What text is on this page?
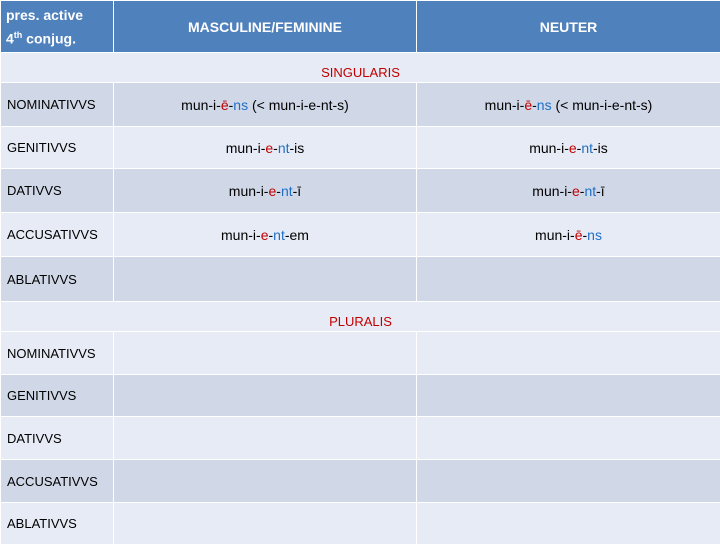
pres. active
4th conjug.	MASCULINE/FEMININE	NEUTER
SINGULARIS		
NOMINATIVVS	mun-i-ē-ns (< mun-i-e-nt-s)	mun-i-ē-ns (< mun-i-e-nt-s)
GENITIVVS	mun-i-e-nt-is	mun-i-e-nt-is
DATIVVS	mun-i-e-nt-ī	mun-i-e-nt-ī
ACCUSATIVVS	mun-i-e-nt-em	mun-i-ē-ns
ABLATIVVS		
PLURALIS		
NOMINATIVVS		
GENITIVVS		
DATIVVS		
ACCUSATIVVS		
ABLATIVVS		
